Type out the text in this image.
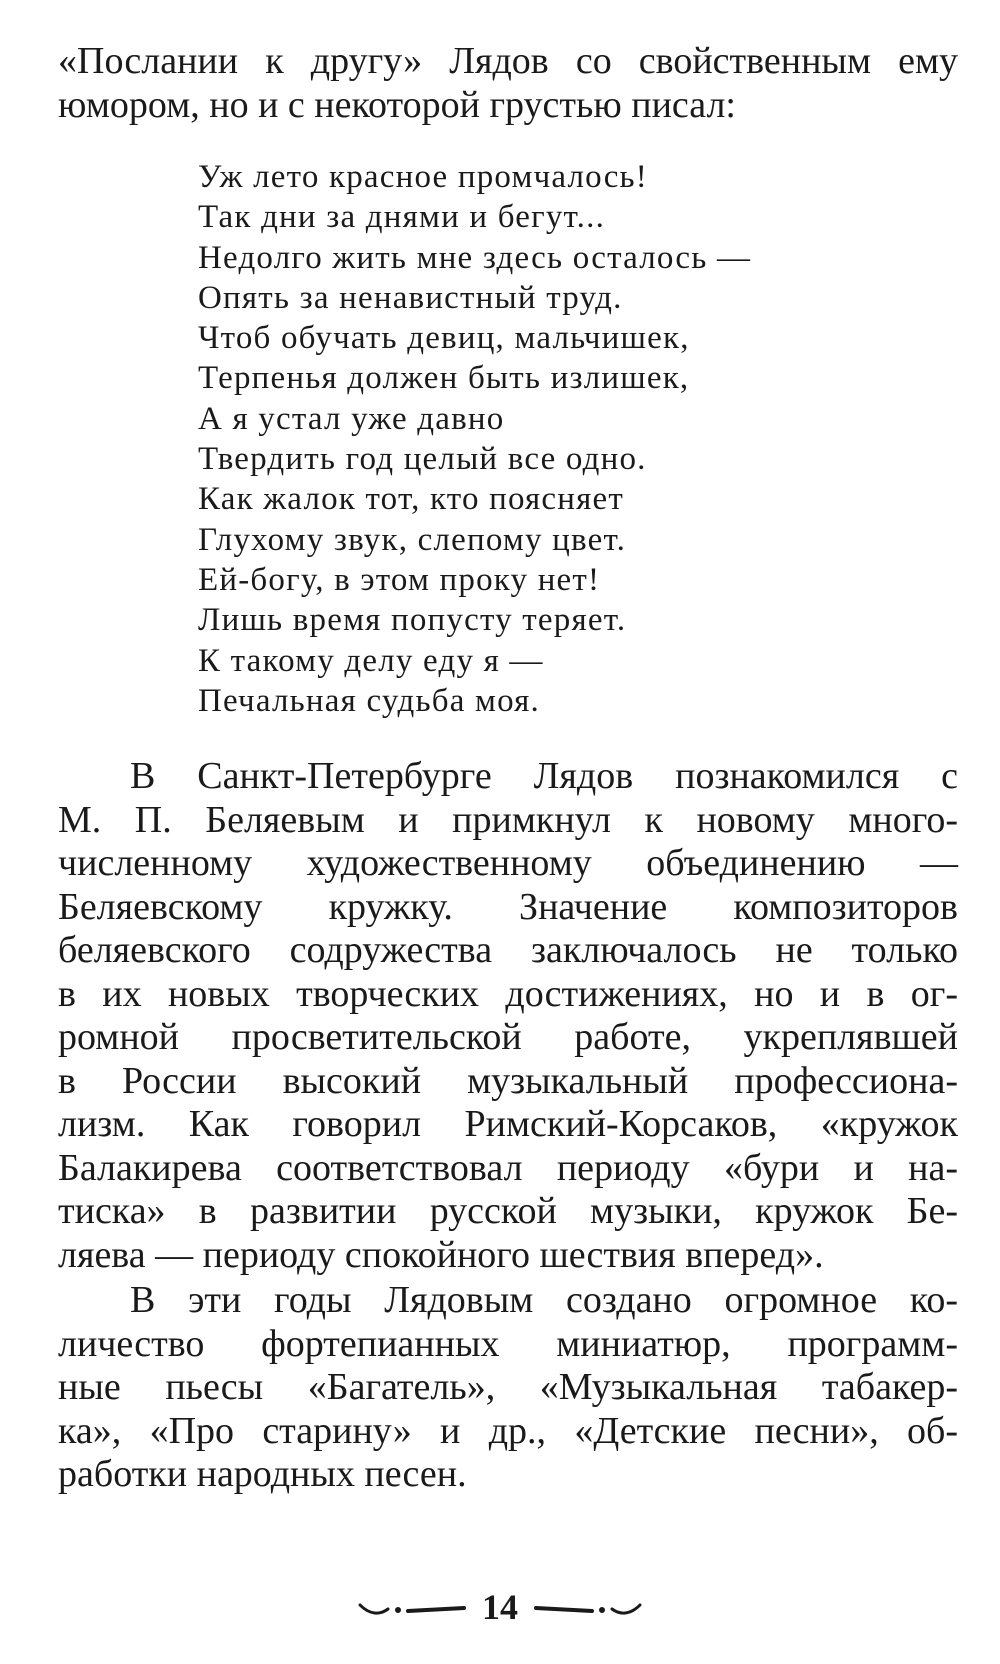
«Послании к другу» Лядов со свойственным ему
юмором, но и с некоторой грустью писал:

Уж лето красное промчалось!
Так дни за днями и бегут...
Недолго жить мне здесь осталось —
Опять за ненавистный труд.
Чтоб обучать девиц, мальчишек,
Терпенья должен быть излишек,
А я устал уже давно
Твердить год целый все одно.
Как жалок тот, кто поясняет
Глухому звук, слепому цвет.
Ей-богу, в этом проку нет!
Лишь время попусту теряет.
К такому делу еду я —
Печальная судьба моя.

В Санкт-Петербурге Лядов познакомился с
М. П. Беляевым и примкнул к новому много-
численному художественному объединению —
Беляевскому кружку. Значение композиторов
беляевского содружества заключалось не только
в их новых творческих достижениях, но и в ог-
ромной просветительской работе, укреплявшей
в России высокий музыкальный профессиона-
лизм. Как говорил Римский-Корсаков, «кружок
Балакирева соответствовал периоду «бури и на-
тиска» в развитии русской музыки, кружок Бе-
ляева — периоду спокойного шествия вперед».

В эти годы Лядовым создано огромное ко-
личество фортепианных миниатюр, программ-
ные пьесы «Багатель», «Музыкальная табакер-
ка», «Про старину» и др., «Детские песни», об-
работки народных песен.

14
